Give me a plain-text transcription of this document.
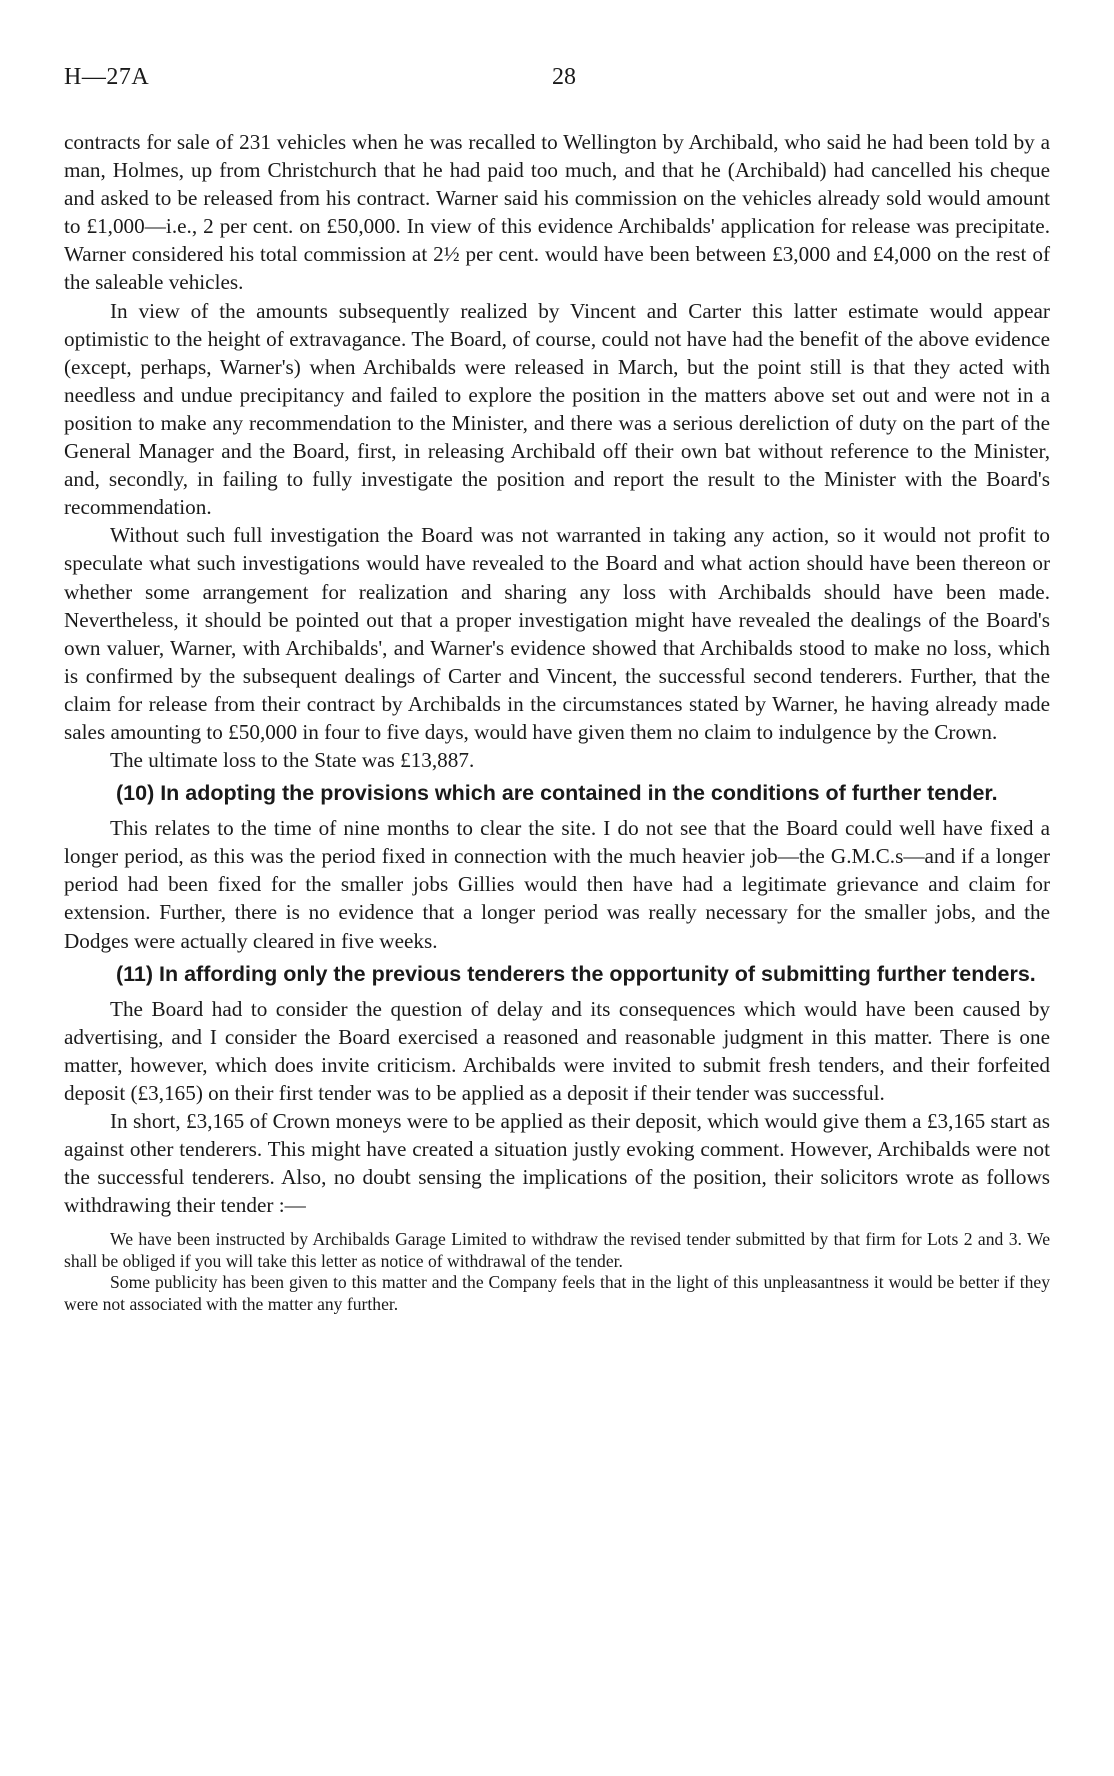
H—27A	28

contracts for sale of 231 vehicles when he was recalled to Wellington by Archibald, who said he had been told by a man, Holmes, up from Christchurch that he had paid too much, and that he (Archibald) had cancelled his cheque and asked to be released from his contract. Warner said his commission on the vehicles already sold would amount to £1,000—i.e., 2 per cent. on £50,000. In view of this evidence Archibalds' application for release was precipitate. Warner considered his total commission at 2½ per cent. would have been between £3,000 and £4,000 on the rest of the saleable vehicles.

In view of the amounts subsequently realized by Vincent and Carter this latter estimate would appear optimistic to the height of extravagance. The Board, of course, could not have had the benefit of the above evidence (except, perhaps, Warner's) when Archibalds were released in March, but the point still is that they acted with needless and undue precipitancy and failed to explore the position in the matters above set out and were not in a position to make any recommendation to the Minister, and there was a serious dereliction of duty on the part of the General Manager and the Board, first, in releasing Archibald off their own bat without reference to the Minister, and, secondly, in failing to fully investigate the position and report the result to the Minister with the Board's recommendation.

Without such full investigation the Board was not warranted in taking any action, so it would not profit to speculate what such investigations would have revealed to the Board and what action should have been thereon or whether some arrangement for realization and sharing any loss with Archibalds should have been made. Nevertheless, it should be pointed out that a proper investigation might have revealed the dealings of the Board's own valuer, Warner, with Archibalds', and Warner's evidence showed that Archibalds stood to make no loss, which is confirmed by the subsequent dealings of Carter and Vincent, the successful second tenderers. Further, that the claim for release from their contract by Archibalds in the circumstances stated by Warner, he having already made sales amounting to £50,000 in four to five days, would have given them no claim to indulgence by the Crown.

The ultimate loss to the State was £13,887.

(10) In adopting the provisions which are contained in the conditions of further tender.

This relates to the time of nine months to clear the site. I do not see that the Board could well have fixed a longer period, as this was the period fixed in connection with the much heavier job—the G.M.C.s—and if a longer period had been fixed for the smaller jobs Gillies would then have had a legitimate grievance and claim for extension. Further, there is no evidence that a longer period was really necessary for the smaller jobs, and the Dodges were actually cleared in five weeks.

(11) In affording only the previous tenderers the opportunity of submitting further tenders.

The Board had to consider the question of delay and its consequences which would have been caused by advertising, and I consider the Board exercised a reasoned and reasonable judgment in this matter. There is one matter, however, which does invite criticism. Archibalds were invited to submit fresh tenders, and their forfeited deposit (£3,165) on their first tender was to be applied as a deposit if their tender was successful.

In short, £3,165 of Crown moneys were to be applied as their deposit, which would give them a £3,165 start as against other tenderers. This might have created a situation justly evoking comment. However, Archibalds were not the successful tenderers. Also, no doubt sensing the implications of the position, their solicitors wrote as follows withdrawing their tender :—

We have been instructed by Archibalds Garage Limited to withdraw the revised tender submitted by that firm for Lots 2 and 3. We shall be obliged if you will take this letter as notice of withdrawal of the tender.

Some publicity has been given to this matter and the Company feels that in the light of this unpleasantness it would be better if they were not associated with the matter any further.
